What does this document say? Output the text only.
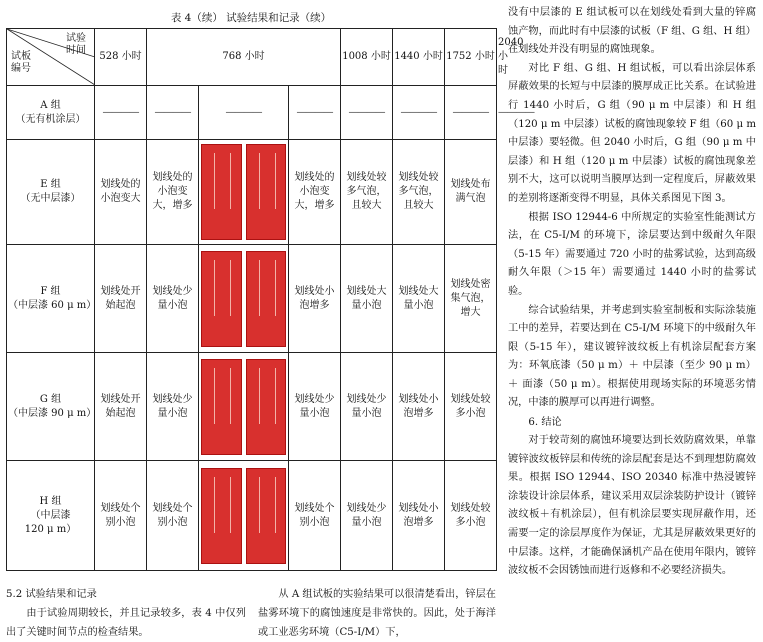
表 4（续） 试验结果和记录（续）
试验
时间
试板
编号	528 小时	768 小时			1008 小时	1440 小时	1752 小时	2040 小时
A 组
（无有机涂层）	————	————	————	————	————	————	————	————
E 组
（无中层漆）	划线处的小泡变大	划线处的小泡变大，增多		划线处的小泡变大，增多	划线处较多气泡，且较大	划线处较多气泡，且较大	划线处布满气泡	
F 组
（中层漆 60 μ m）	划线处开始起泡	划线处少量小泡		划线处小泡增多	划线处大量小泡	划线处大量小泡	划线处密集气泡，增大	
G 组
（中层漆 90 μ m）	划线处开始起泡	划线处少量小泡		划线处少量小泡	划线处少量小泡	划线处小泡增多	划线处较多小泡	
H 组
（中层漆
120 μ m）	划线处个别小泡	划线处个别小泡		划线处个别小泡	划线处少量小泡	划线处小泡增多	划线处较多小泡	

5.2 试验结果和记录

由于试验周期较长，并且记录较多，表 4 中仅列出了关键时间节点的检查结果。

从 A 组试板的实验结果可以很清楚看出，锌层在盐雾环境下的腐蚀速度是非常快的。因此，处于海洋或工业恶劣环境（C5-I/M）下，

没有中层漆的 E 组试板可以在划线处看到大量的锌腐蚀产物，而此时有中层漆的试板（F 组、G 组、H 组）在划线处并没有明显的腐蚀现象。

对比 F 组、G 组、H 组试板，可以看出涂层体系屏蔽效果的长短与中层漆的膜厚成正比关系。在试验进行 1440 小时后，G 组（90 μ m 中层漆）和 H 组（120 μ m 中层漆）试板的腐蚀现象较 F 组（60 μ m 中层漆）要轻微。但 2040 小时后，G 组（90 μ m 中层漆）和 H 组（120 μ m 中层漆）试板的腐蚀现象差别不大，这可以说明当膜厚达到一定程度后，屏蔽效果的差别将逐渐变得不明显，具体关系图见下图 3。

根据 ISO 12944-6 中所规定的实验室性能测试方法，在 C5-I/M 的环境下，涂层要达到中级耐久年限（5-15 年）需要通过 720 小时的盐雾试验，达到高级耐久年限（＞15 年）需要通过 1440 小时的盐雾试验。

综合试验结果，并考虑到实验室制板和实际涂装施工中的差异，若要达到在 C5-I/M 环境下的中级耐久年限（5-15 年），建议镀锌波纹板上有机涂层配套方案为：环氧底漆（50 μ m）＋ 中层漆（至少 90 μ m）＋ 面漆（50 μ m）。根据使用现场实际的环境恶劣情况，中漆的膜厚可以再进行调整。

6. 结论

对于较苛刻的腐蚀环境要达到长效防腐效果，单靠镀锌波纹板锌层和传统的涂层配套是达不到理想防腐效果。根据 ISO 12944、ISO 20340 标准中热浸镀锌涂装设计涂层体系，建议采用双层涂装防护设计（镀锌波纹板＋有机涂层），但有机涂层要实现屏蔽作用，还需要一定的涂层厚度作为保证，尤其是屏蔽效果更好的中层漆。这样，才能确保涵机产品在使用年限内，镀锌波纹板不会因锈蚀而进行返修和不必要经济损失。
